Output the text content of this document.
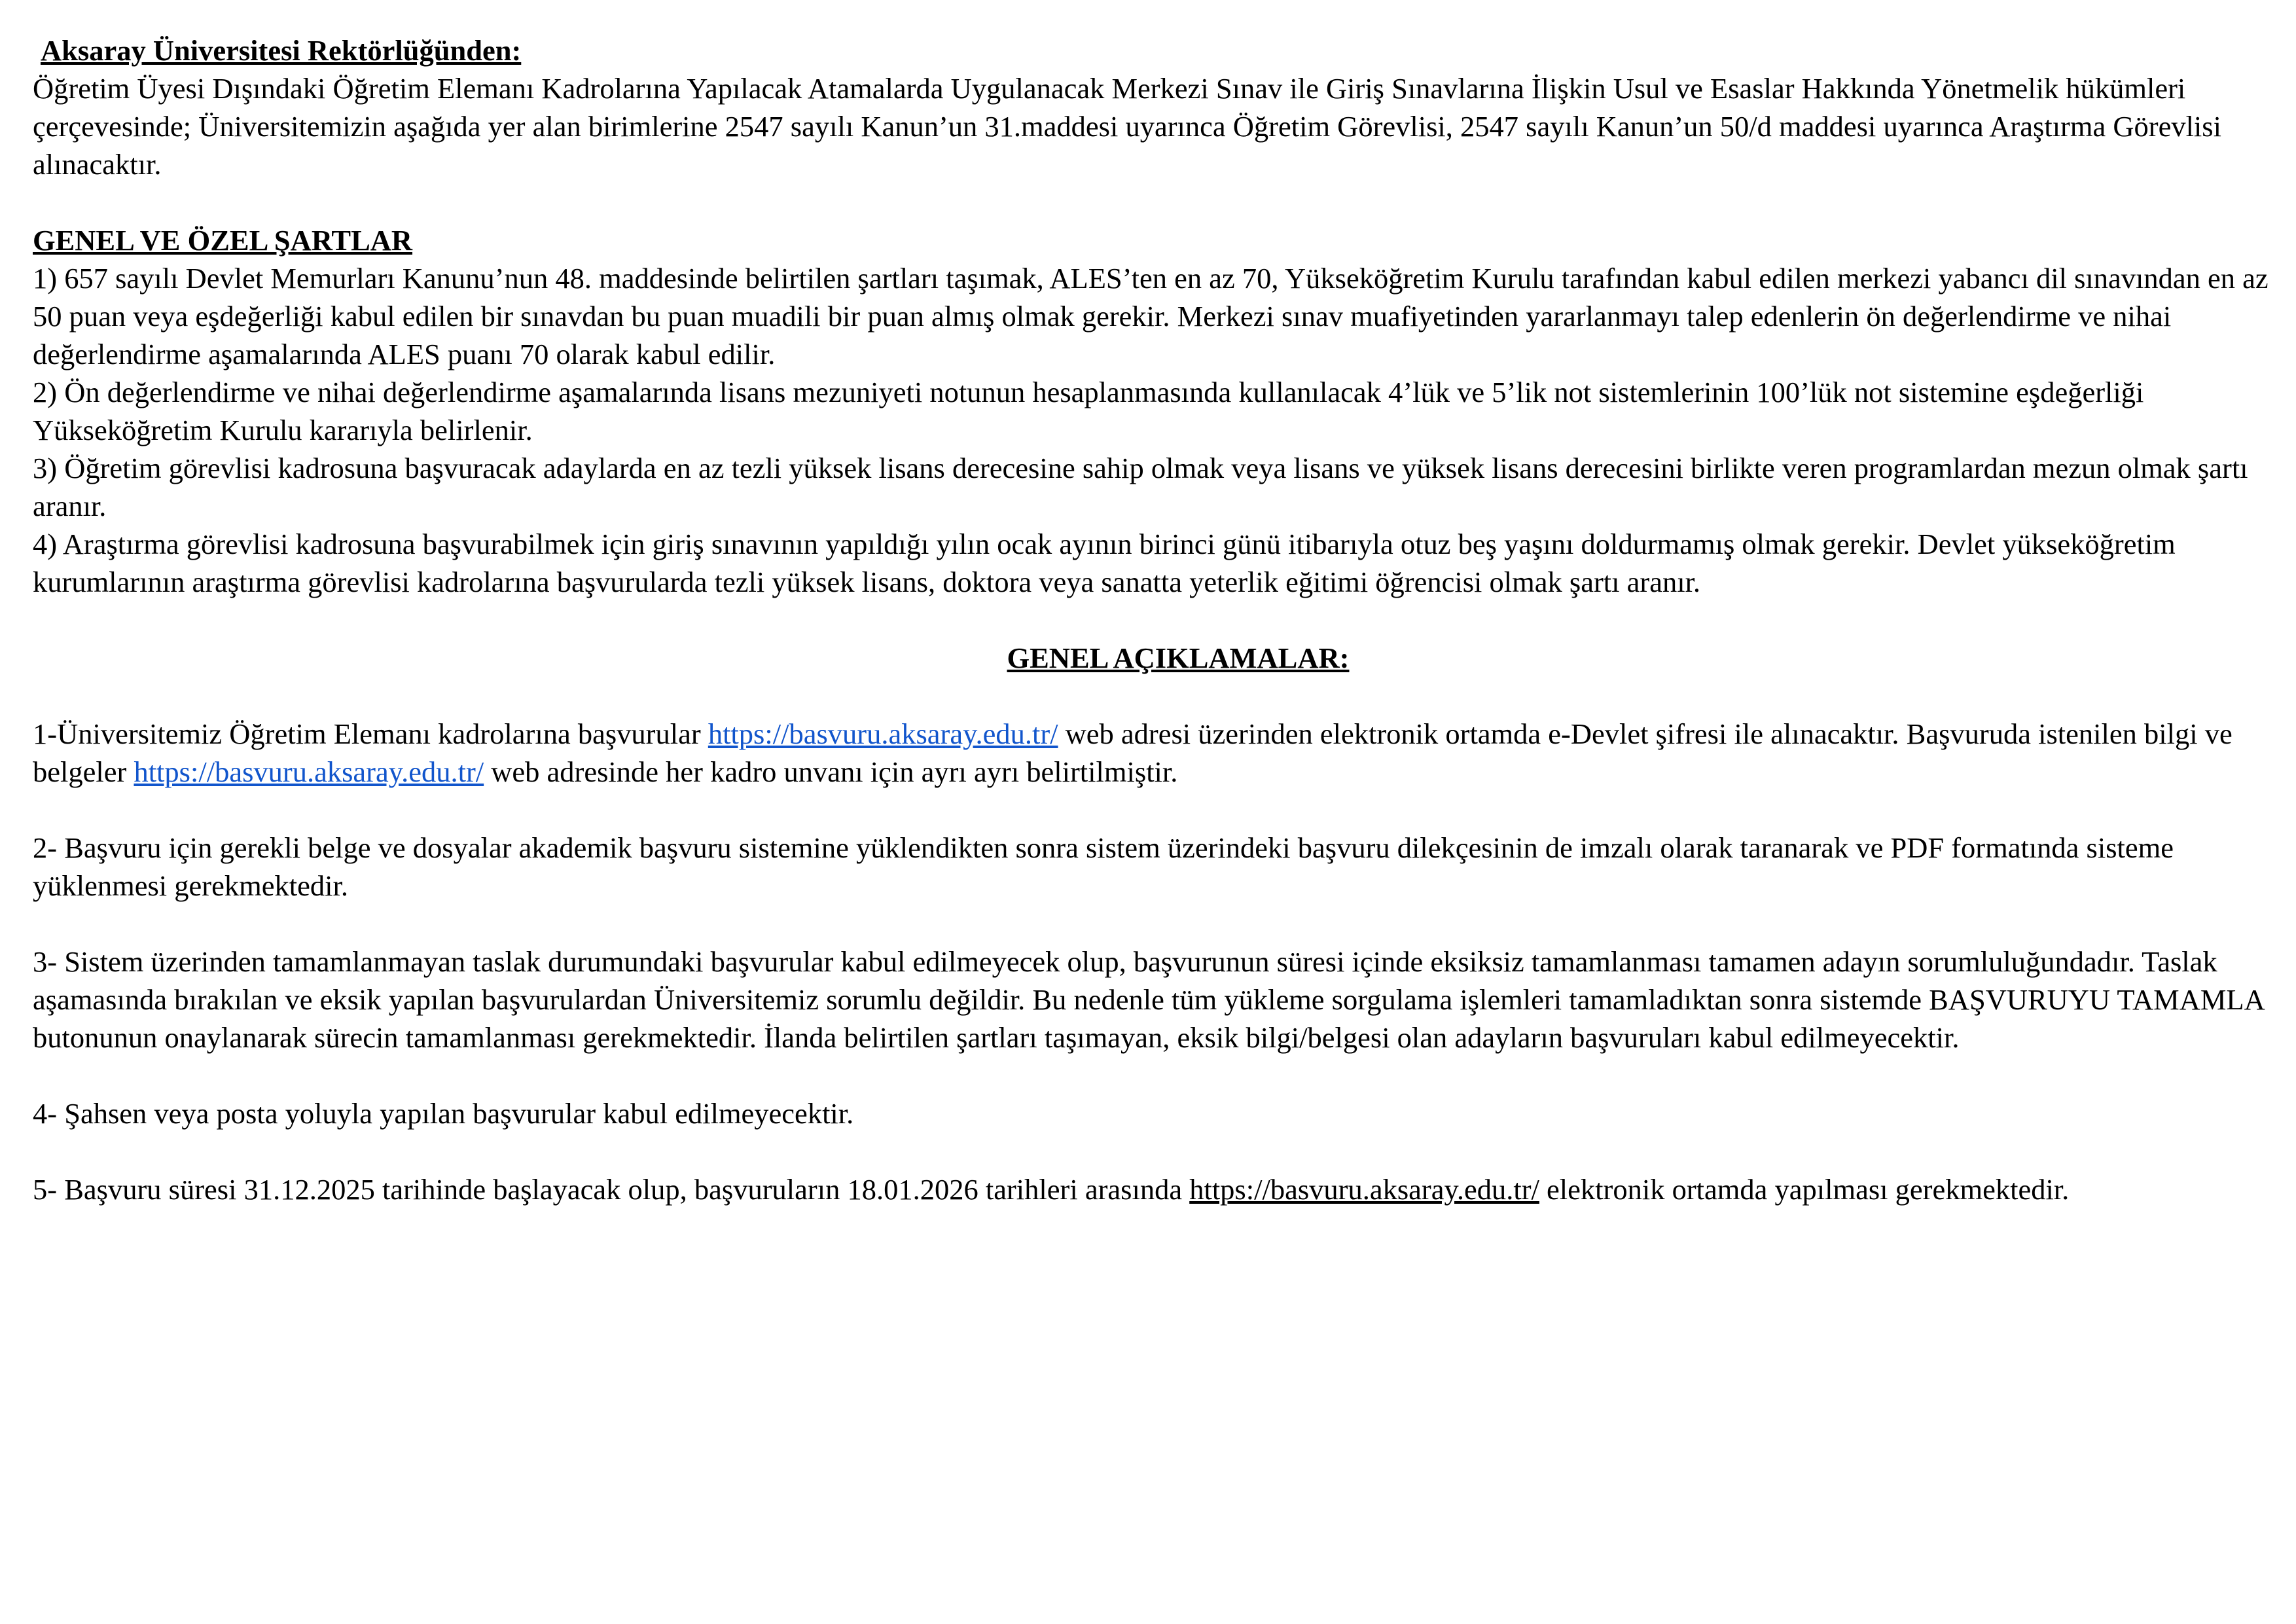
Aksaray Üniversitesi Rektörlüğünden:

Öğretim Üyesi Dışındaki Öğretim Elemanı Kadrolarına Yapılacak Atamalarda Uygulanacak Merkezi Sınav ile Giriş Sınavlarına İlişkin Usul ve Esaslar Hakkında Yönetmelik hükümleri çerçevesinde; Üniversitemizin aşağıda yer alan birimlerine 2547 sayılı Kanun’un 31.maddesi uyarınca Öğretim Görevlisi, 2547 sayılı Kanun’un 50/d maddesi uyarınca Araştırma Görevlisi alınacaktır.

GENEL VE ÖZEL ŞARTLAR

1) 657 sayılı Devlet Memurları Kanunu’nun 48. maddesinde belirtilen şartları taşımak, ALES’ten en az 70, Yükseköğretim Kurulu tarafından kabul edilen merkezi yabancı dil sınavından en az 50 puan veya eşdeğerliği kabul edilen bir sınavdan bu puan muadili bir puan almış olmak gerekir. Merkezi sınav muafiyetinden yararlanmayı talep edenlerin ön değerlendirme ve nihai değerlendirme aşamalarında ALES puanı 70 olarak kabul edilir.

2) Ön değerlendirme ve nihai değerlendirme aşamalarında lisans mezuniyeti notunun hesaplanmasında kullanılacak 4’lük ve 5’lik not sistemlerinin 100’lük not sistemine eşdeğerliği Yükseköğretim Kurulu kararıyla belirlenir.

3) Öğretim görevlisi kadrosuna başvuracak adaylarda en az tezli yüksek lisans derecesine sahip olmak veya lisans ve yüksek lisans derecesini birlikte veren programlardan mezun olmak şartı aranır.

4) Araştırma görevlisi kadrosuna başvurabilmek için giriş sınavının yapıldığı yılın ocak ayının birinci günü itibarıyla otuz beş yaşını doldurmamış olmak gerekir. Devlet yükseköğretim kurumlarının araştırma görevlisi kadrolarına başvurularda tezli yüksek lisans, doktora veya sanatta yeterlik eğitimi öğrencisi olmak şartı aranır.

GENEL AÇIKLAMALAR:

1-Üniversitemiz Öğretim Elemanı kadrolarına başvurular https://basvuru.aksaray.edu.tr/ web adresi üzerinden elektronik ortamda e-Devlet şifresi ile alınacaktır. Başvuruda istenilen bilgi ve belgeler https://basvuru.aksaray.edu.tr/ web adresinde her kadro unvanı için ayrı ayrı belirtilmiştir.

2- Başvuru için gerekli belge ve dosyalar akademik başvuru sistemine yüklendikten sonra sistem üzerindeki başvuru dilekçesinin de imzalı olarak taranarak ve PDF formatında sisteme yüklenmesi gerekmektedir.

3- Sistem üzerinden tamamlanmayan taslak durumundaki başvurular kabul edilmeyecek olup, başvurunun süresi içinde eksiksiz tamamlanması tamamen adayın sorumluluğundadır. Taslak aşamasında bırakılan ve eksik yapılan başvurulardan Üniversitemiz sorumlu değildir. Bu nedenle tüm yükleme sorgulama işlemleri tamamladıktan sonra sistemde BAŞVURUYU TAMAMLA butonunun onaylanarak sürecin tamamlanması gerekmektedir. İlanda belirtilen şartları taşımayan, eksik bilgi/belgesi olan adayların başvuruları kabul edilmeyecektir.

4- Şahsen veya posta yoluyla yapılan başvurular kabul edilmeyecektir.

5- Başvuru süresi 31.12.2025 tarihinde başlayacak olup, başvuruların 18.01.2026 tarihleri arasında https://basvuru.aksaray.edu.tr/ elektronik ortamda yapılması gerekmektedir.
